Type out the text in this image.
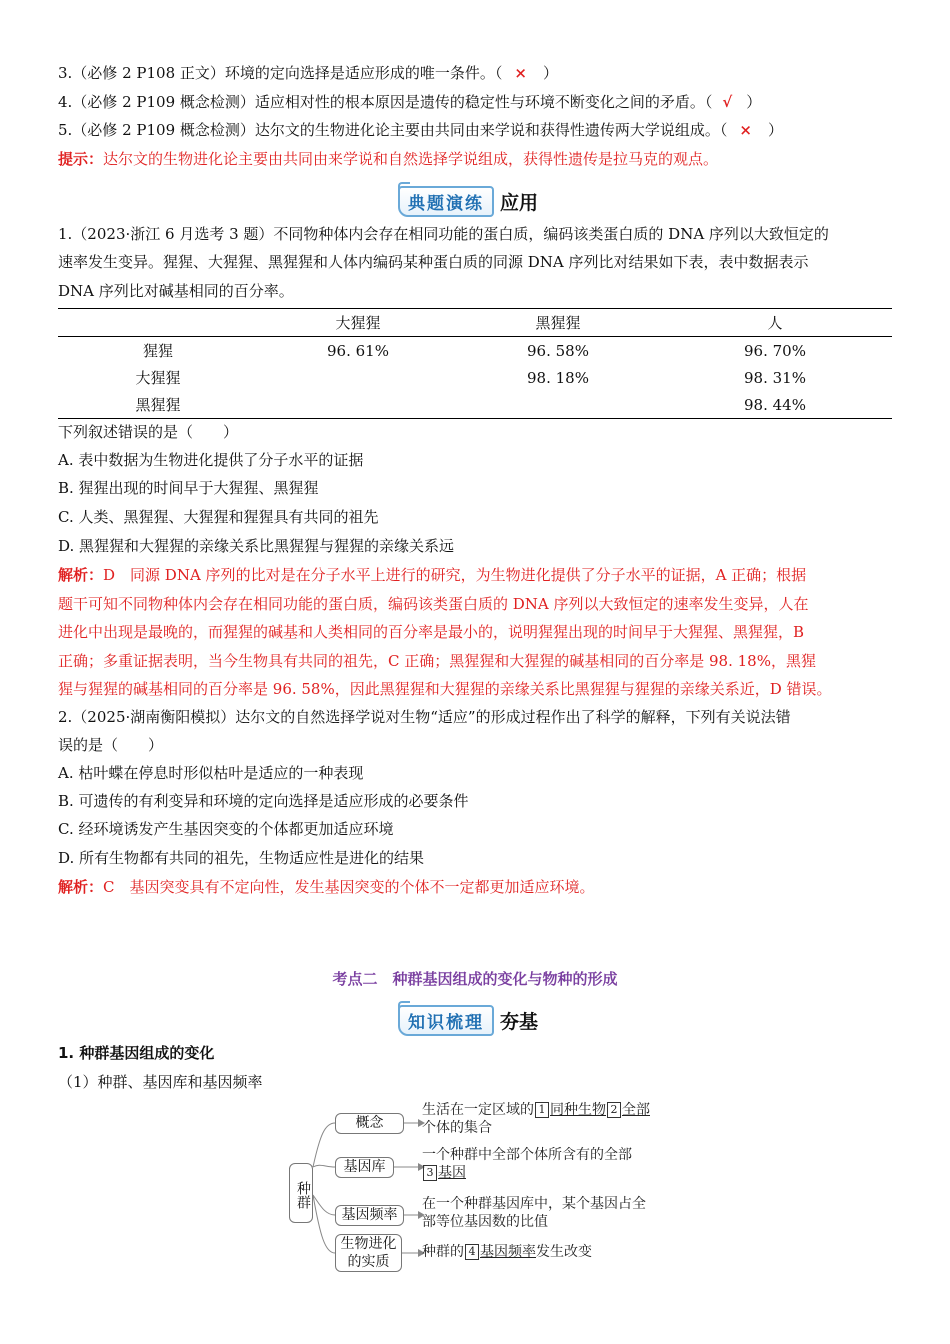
3.（必修 2 P108 正文）环境的定向选择是适应形成的唯一条件。（ × ）
4.（必修 2 P109 概念检测）适应相对性的根本原因是遗传的稳定性与环境不断变化之间的矛盾。（ √ ）
5.（必修 2 P109 概念检测）达尔文的生物进化论主要由共同由来学说和获得性遗传两大学说组成。（ × ）
提示：达尔文的生物进化论主要由共同由来学说和自然选择学说组成，获得性遗传是拉马克的观点。
典题演练 应用
1.（2023·浙江 6 月选考 3 题）不同物种体内会存在相同功能的蛋白质，编码该类蛋白质的 DNA 序列以大致恒定的
速率发生变异。猩猩、大猩猩、黑猩猩和人体内编码某种蛋白质的同源 DNA 序列比对结果如下表，表中数据表示
DNA 序列比对碱基相同的百分率。
	大猩猩	黑猩猩	人
猩猩	96. 61%	96. 58%	96. 70%
大猩猩		98. 18%	98. 31%
黑猩猩			98. 44%
下列叙述错误的是（　　）
A. 表中数据为生物进化提供了分子水平的证据
B. 猩猩出现的时间早于大猩猩、黑猩猩
C. 人类、黑猩猩、大猩猩和猩猩具有共同的祖先
D. 黑猩猩和大猩猩的亲缘关系比黑猩猩与猩猩的亲缘关系远
解析：D　同源 DNA 序列的比对是在分子水平上进行的研究，为生物进化提供了分子水平的证据，A 正确；根据
题干可知不同物种体内会存在相同功能的蛋白质，编码该类蛋白质的 DNA 序列以大致恒定的速率发生变异，人在
进化中出现是最晚的，而猩猩的碱基和人类相同的百分率是最小的，说明猩猩出现的时间早于大猩猩、黑猩猩，B
正确；多重证据表明，当今生物具有共同的祖先，C 正确；黑猩猩和大猩猩的碱基相同的百分率是 98. 18%，黑猩
猩与猩猩的碱基相同的百分率是 96. 58%，因此黑猩猩和大猩猩的亲缘关系比黑猩猩与猩猩的亲缘关系近，D 错误。
2.（2025·湖南衡阳模拟）达尔文的自然选择学说对生物“适应”的形成过程作出了科学的解释，下列有关说法错
误的是（　　）
A. 枯叶蝶在停息时形似枯叶是适应的一种表现
B. 可遗传的有利变异和环境的定向选择是适应形成的必要条件
C. 经环境诱发产生基因突变的个体都更加适应环境
D. 所有生物都有共同的祖先，生物适应性是进化的结果
解析：C　基因突变具有不定向性，发生基因突变的个体不一定都更加适应环境。
考点二　种群基因组成的变化与物种的形成
知识梳理 夯基
1. 种群基因组成的变化
（1）种群、基因库和基因频率
种群
概念
基因库
基因频率
生物进化的实质
生活在一定区域的 1 同种生物 2 全部
个体的集合
一个种群中全部个体所含有的全部
3 基因
在一个种群基因库中，某个基因占全
部等位基因数的比值
种群的 4 基因频率发生改变
